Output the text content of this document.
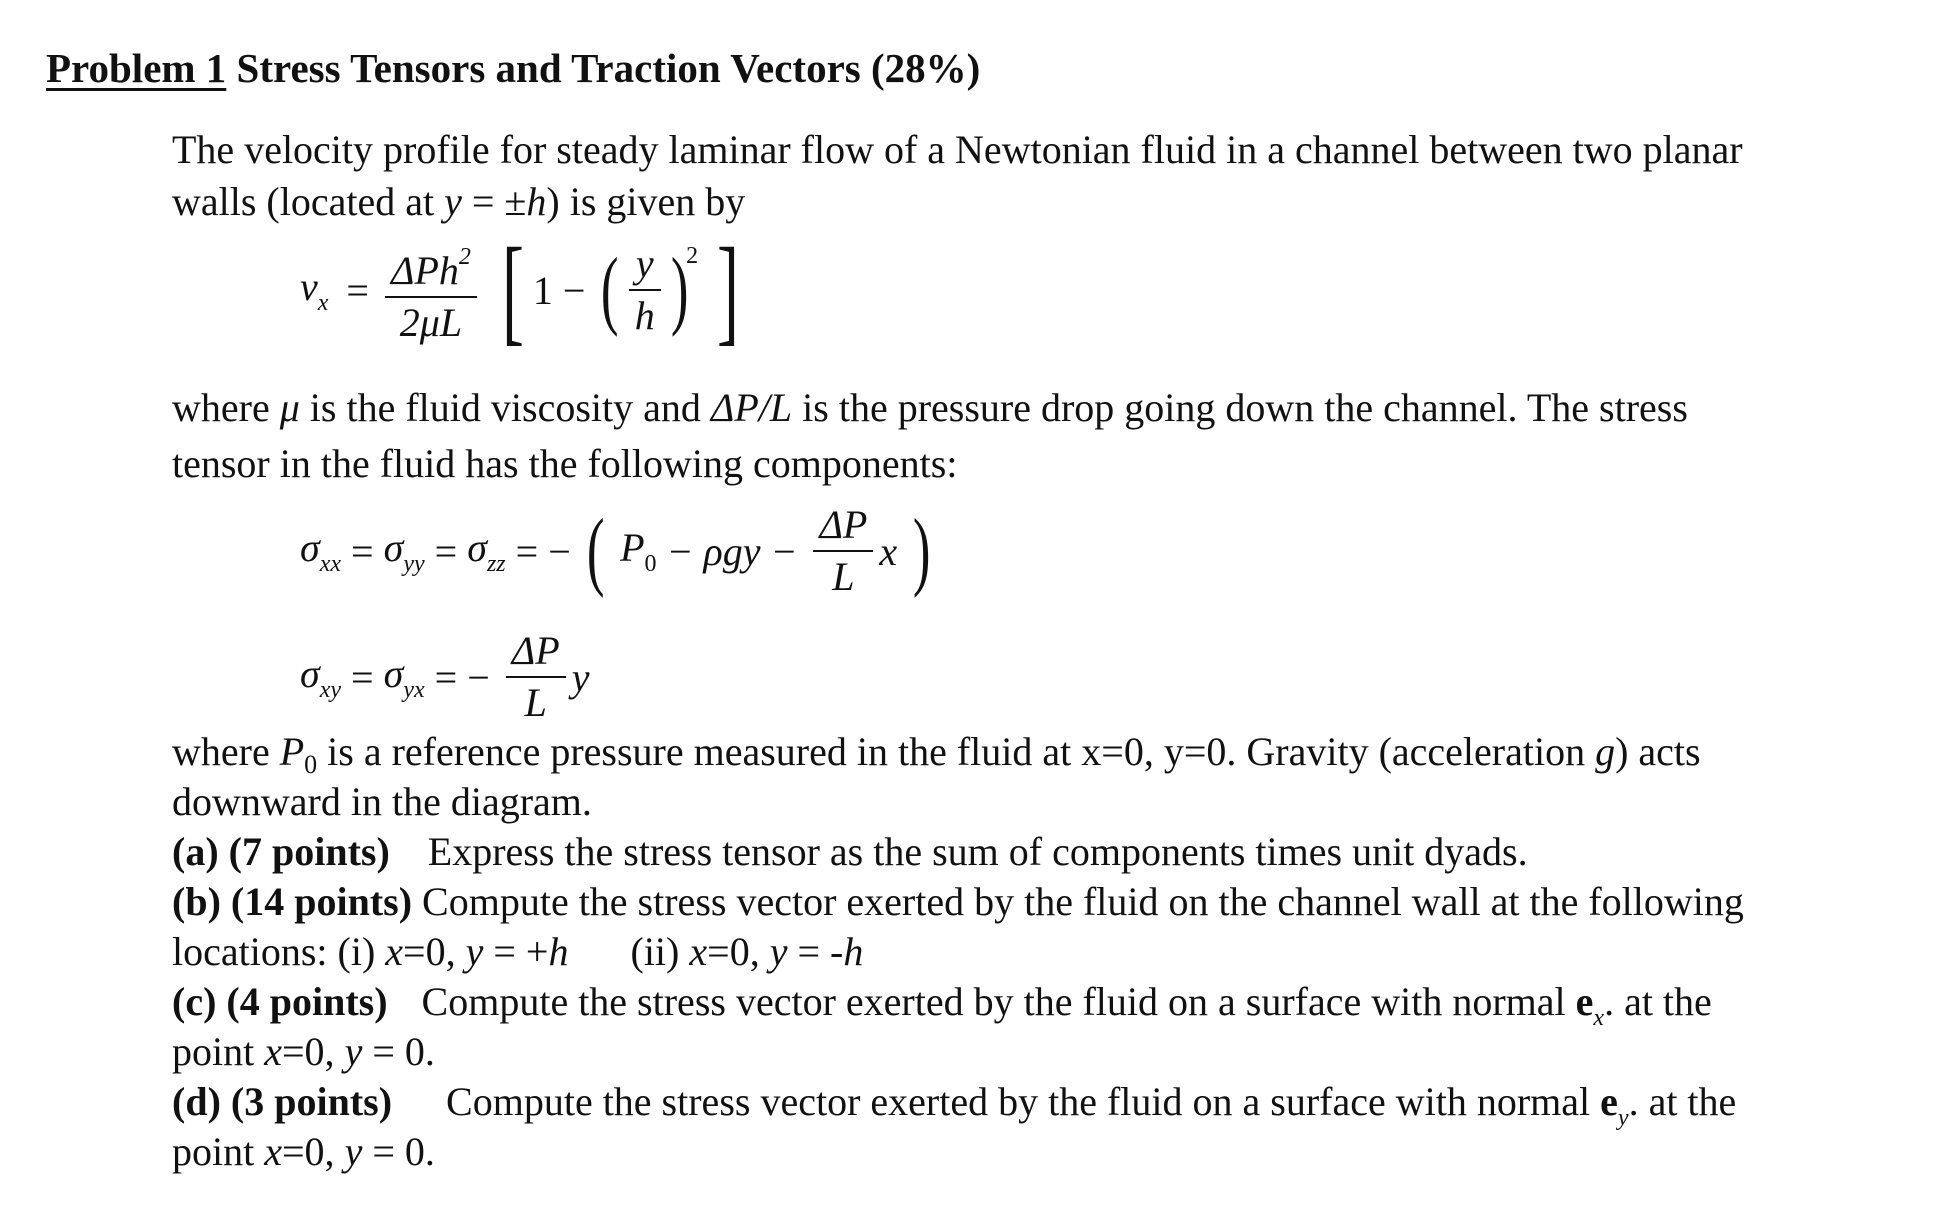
Problem 1 Stress Tensors and Traction Vectors (28%)
The velocity profile for steady laminar flow of a Newtonian fluid in a channel between two planar
walls (located at y = ±h) is given by
$v_x = \frac{\Delta Ph^2}{2\mu L}$ [ 1 − ( $\frac{y}{h} )^2$ ]
where μ is the fluid viscosity and ΔP/L is the pressure drop going down the channel. The stress
tensor in the fluid has the following components:
$\sigma_{xx} = \sigma_{yy} = \sigma_{zz}$ = − ( $P_0 - \rho gy - \frac{\Delta P}{L}$ x )
$\sigma_{xy} = \sigma_{yx}$ = − $\frac{\Delta P}{L}$ y
where $P_0$ is a reference pressure measured in the fluid at x=0, y=0. Gravity (acceleration g) acts
downward in the diagram.
(a) (7 points) Express the stress tensor as the sum of components times unit dyads.
(b) (14 points) Compute the stress vector exerted by the fluid on the channel wall at the following
locations: (i) x=0, y = +h (ii) x=0, y = -h
(c) (4 points) Compute the stress vector exerted by the fluid on a surface with normal $e_x$. at the
point x=0, y = 0.
(d) (3 points) Compute the stress vector exerted by the fluid on a surface with normal $e_y$. at the
point x=0, y = 0.
